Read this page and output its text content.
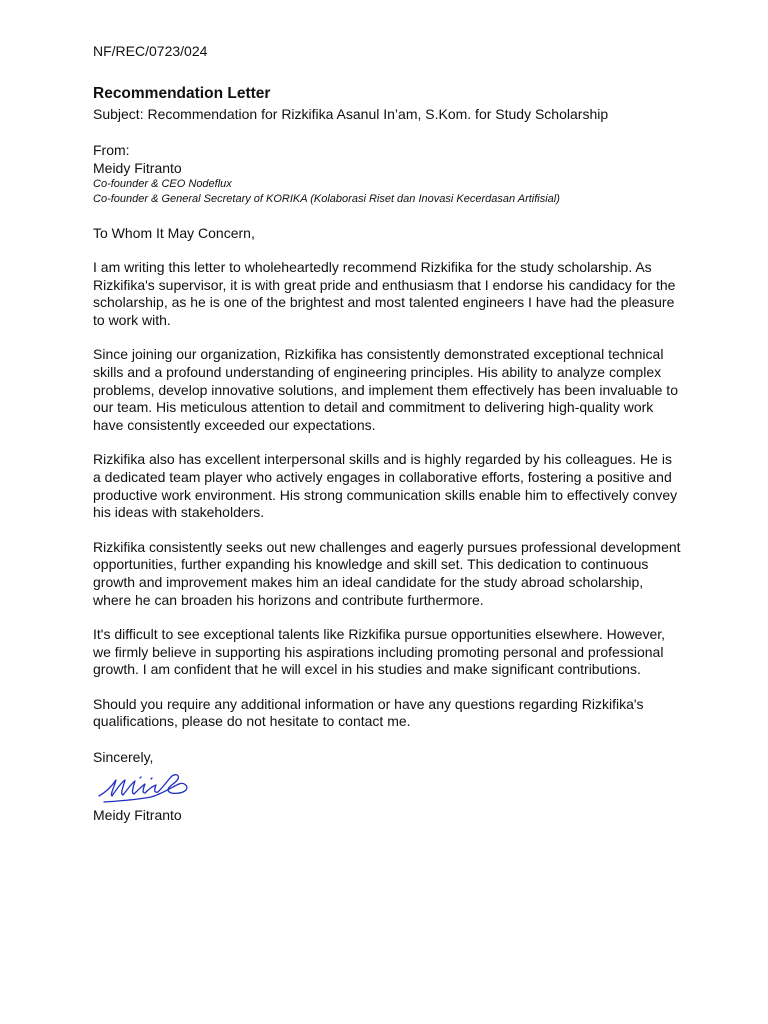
NF/REC/0723/024

Recommendation Letter

Subject: Recommendation for Rizkifika Asanul In’am, S.Kom. for Study Scholarship

From:

Meidy Fitranto

Co-founder & CEO Nodeflux

Co-founder & General Secretary of KORIKA (Kolaborasi Riset dan Inovasi Kecerdasan Artifisial)

To Whom It May Concern,

I am writing this letter to wholeheartedly recommend Rizkifika for the study scholarship. As Rizkifika's supervisor, it is with great pride and enthusiasm that I endorse his candidacy for the scholarship, as he is one of the brightest and most talented engineers I have had the pleasure to work with.

Since joining our organization, Rizkifika has consistently demonstrated exceptional technical skills and a profound understanding of engineering principles. His ability to analyze complex problems, develop innovative solutions, and implement them effectively has been invaluable to our team. His meticulous attention to detail and commitment to delivering high-quality work have consistently exceeded our expectations.

Rizkifika also has excellent interpersonal skills and is highly regarded by his colleagues. He is a dedicated team player who actively engages in collaborative efforts, fostering a positive and productive work environment. His strong communication skills enable him to effectively convey his ideas with stakeholders.

Rizkifika consistently seeks out new challenges and eagerly pursues professional development opportunities, further expanding his knowledge and skill set. This dedication to continuous growth and improvement makes him an ideal candidate for the study abroad scholarship, where he can broaden his horizons and contribute furthermore.

It's difficult to see exceptional talents like Rizkifika pursue opportunities elsewhere. However, we firmly believe in supporting his aspirations including promoting personal and professional growth. I am confident that he will excel in his studies and make significant contributions.

Should you require any additional information or have any questions regarding Rizkifika's qualifications, please do not hesitate to contact me.

Sincerely,

Meidy Fitranto
